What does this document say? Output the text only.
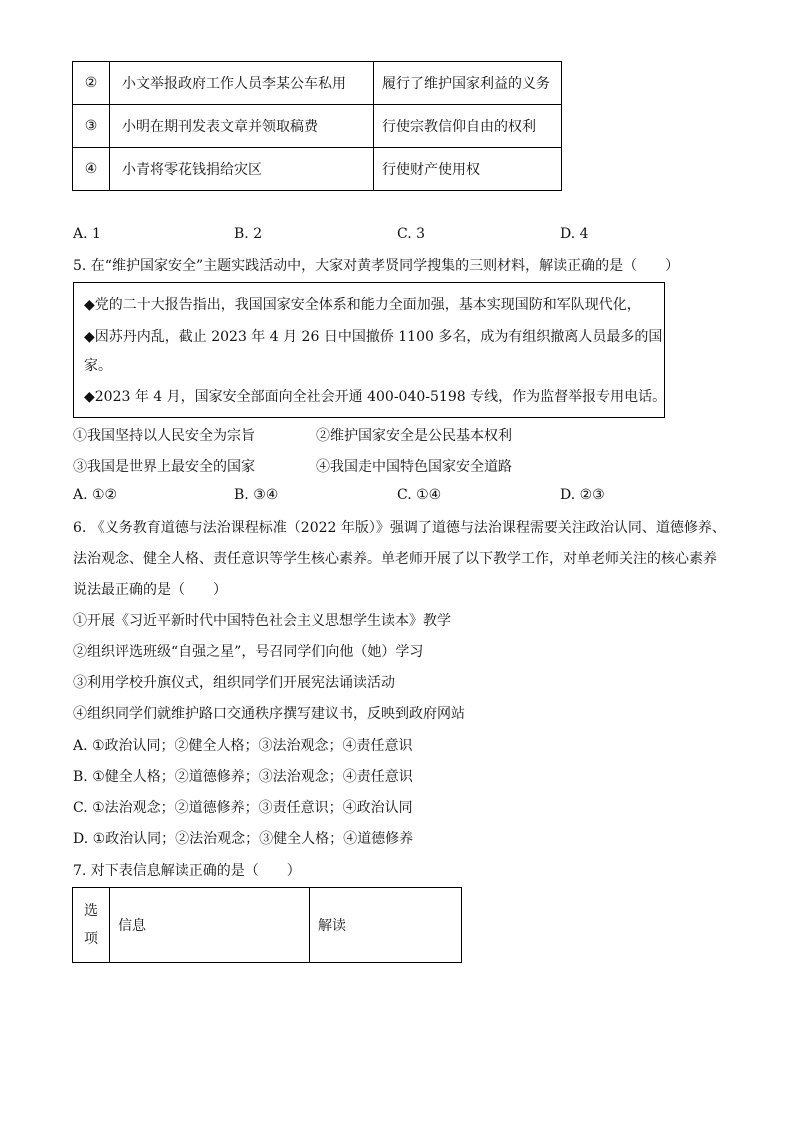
②	小文举报政府工作人员李某公车私用	履行了维护国家利益的义务
③	小明在期刊发表文章并领取稿费	行使宗教信仰自由的权利
④	小青将零花钱捐给灾区	行使财产使用权
A. 1	B. 2	C. 3	D. 4
5. 在“维护国家安全”主题实践活动中，大家对黄孝贤同学搜集的三则材料，解读正确的是（　　）
◆党的二十大报告指出，我国国家安全体系和能力全面加强，基本实现国防和军队现代化，
◆因苏丹内乱，截止 2023 年 4 月 26 日中国撤侨 1100 多名，成为有组织撤离人员最多的国
家。
◆2023 年 4 月，国家安全部面向全社会开通 400-040-5198 专线，作为监督举报专用电话。
①我国坚持以人民安全为宗旨	②维护国家安全是公民基本权利
③我国是世界上最安全的国家	④我国走中国特色国家安全道路
A. ①②	B. ③④	C. ①④	D. ②③
6. 《义务教育道德与法治课程标准（2022 年版）》强调了道德与法治课程需要关注政治认同、道德修养、
法治观念、健全人格、责任意识等学生核心素养。单老师开展了以下教学工作，对单老师关注的核心素养
说法最正确的是（　　）
①开展《习近平新时代中国特色社会主义思想学生读本》教学
②组织评选班级“自强之星”，号召同学们向他（她）学习
③利用学校升旗仪式，组织同学们开展宪法诵读活动
④组织同学们就维护路口交通秩序撰写建议书，反映到政府网站
A. ①政治认同；②健全人格；③法治观念；④责任意识
B. ①健全人格；②道德修养；③法治观念；④责任意识
C. ①法治观念；②道德修养；③责任意识；④政治认同
D. ①政治认同；②法治观念；③健全人格；④道德修养
7. 对下表信息解读正确的是（　　）
选
项	信息	解读
